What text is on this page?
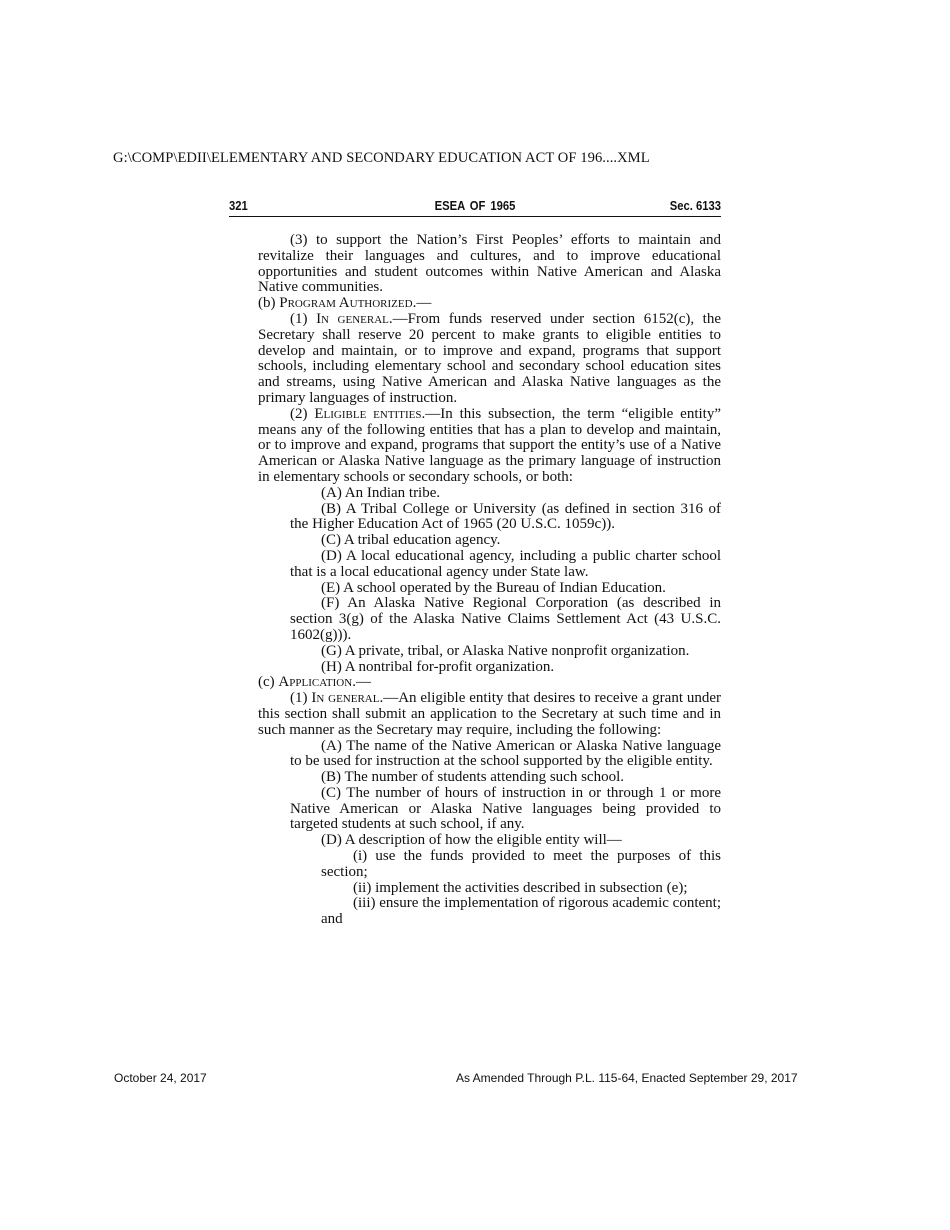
G:\COMP\EDII\ELEMENTARY AND SECONDARY EDUCATION ACT OF 196....XML
321	ESEA OF 1965	Sec. 6133

(3) to support the Nation’s First Peoples’ efforts to maintain and revitalize their languages and cultures, and to improve educational opportunities and student outcomes within Native American and Alaska Native communities.

(b) Program Authorized.—

(1) In general.—From funds reserved under section 6152(c), the Secretary shall reserve 20 percent to make grants to eligible entities to develop and maintain, or to improve and expand, programs that support schools, including elementary school and secondary school education sites and streams, using Native American and Alaska Native languages as the primary languages of instruction.

(2) Eligible entities.—In this subsection, the term “eligible entity” means any of the following entities that has a plan to develop and maintain, or to improve and expand, programs that support the entity’s use of a Native American or Alaska Native language as the primary language of instruction in elementary schools or secondary schools, or both:

(A) An Indian tribe.

(B) A Tribal College or University (as defined in section 316 of the Higher Education Act of 1965 (20 U.S.C. 1059c)).

(C) A tribal education agency.

(D) A local educational agency, including a public charter school that is a local educational agency under State law.

(E) A school operated by the Bureau of Indian Education.

(F) An Alaska Native Regional Corporation (as described in section 3(g) of the Alaska Native Claims Settlement Act (43 U.S.C. 1602(g))).

(G) A private, tribal, or Alaska Native nonprofit organization.

(H) A nontribal for-profit organization.

(c) Application.—

(1) In general.—An eligible entity that desires to receive a grant under this section shall submit an application to the Secretary at such time and in such manner as the Secretary may require, including the following:

(A) The name of the Native American or Alaska Native language to be used for instruction at the school supported by the eligible entity.

(B) The number of students attending such school.

(C) The number of hours of instruction in or through 1 or more Native American or Alaska Native languages being provided to targeted students at such school, if any.

(D) A description of how the eligible entity will—

(i) use the funds provided to meet the purposes of this section;

(ii) implement the activities described in subsection (e);

(iii) ensure the implementation of rigorous academic content; and

October 24, 2017	As Amended Through P.L. 115-64, Enacted September 29, 2017
